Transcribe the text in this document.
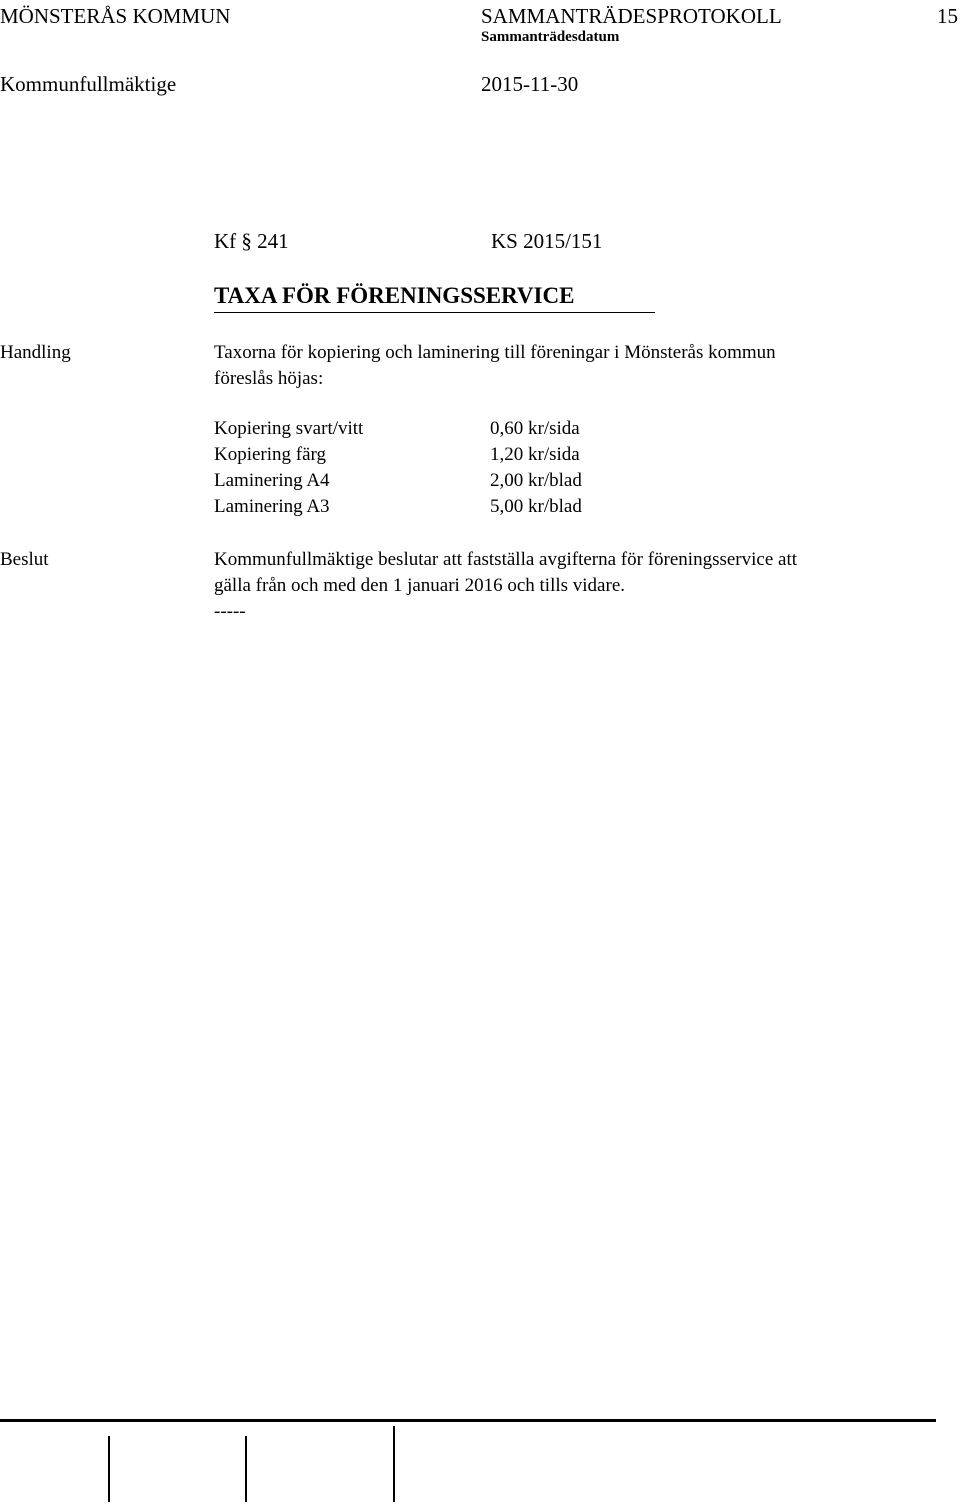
MÖNSTERÅS KOMMUN	SAMMANTRÄDESPROTOKOLL	15
Sammanträdesdatum
Kommunfullmäktige	2015-11-30
Kf § 241	KS 2015/151
TAXA FÖR FÖRENINGSSERVICE
Handling	Taxorna för kopiering och laminering till föreningar i Mönsterås kommun
föreslås höjas:
Kopiering svart/vitt	0,60 kr/sida
Kopiering färg	1,20 kr/sida
Laminering A4	2,00 kr/blad
Laminering A3	5,00 kr/blad
Beslut	Kommunfullmäktige beslutar att fastställa avgifterna för föreningsservice att
gälla från och med den 1 januari 2016 och tills vidare.
-----
